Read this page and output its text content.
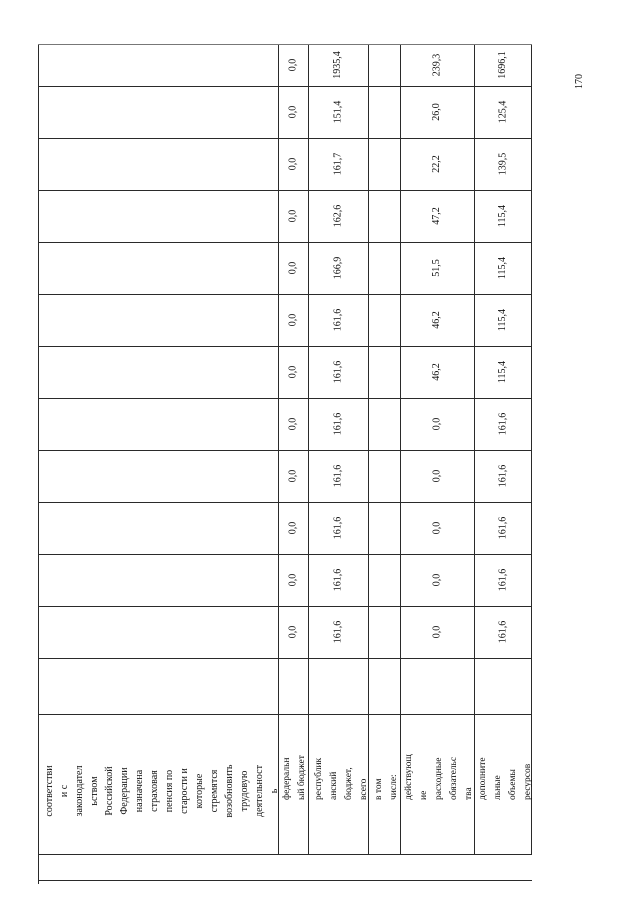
соответстви и с законодател ьством Российской Федерации назначена страховая пенсия по старости и которые стремятся возобновить трудовую деятельност ь федеральн ый бюджет республик анский бюджет, всего в том числе: действующ ие расходные обязательс тва дополните льные объемы ресурсов
0,0
0,0
0,0
0,0
0,0
0,0
0,0
0,0
0,0
0,0
0,0
0,0
1935,4
151,4
161,7
162,6
166,9
161,6
161,6
161,6
161,6
161,6
161,6
161,6
239,3
26,0
22,2
47,2
51,5
46,2
46,2
0,0
0,0
0,0
0,0
0,0
1696,1
125,4
139,5
115,4
115,4
115,4
115,4
161,6
161,6
161,6
161,6
161,6
170
